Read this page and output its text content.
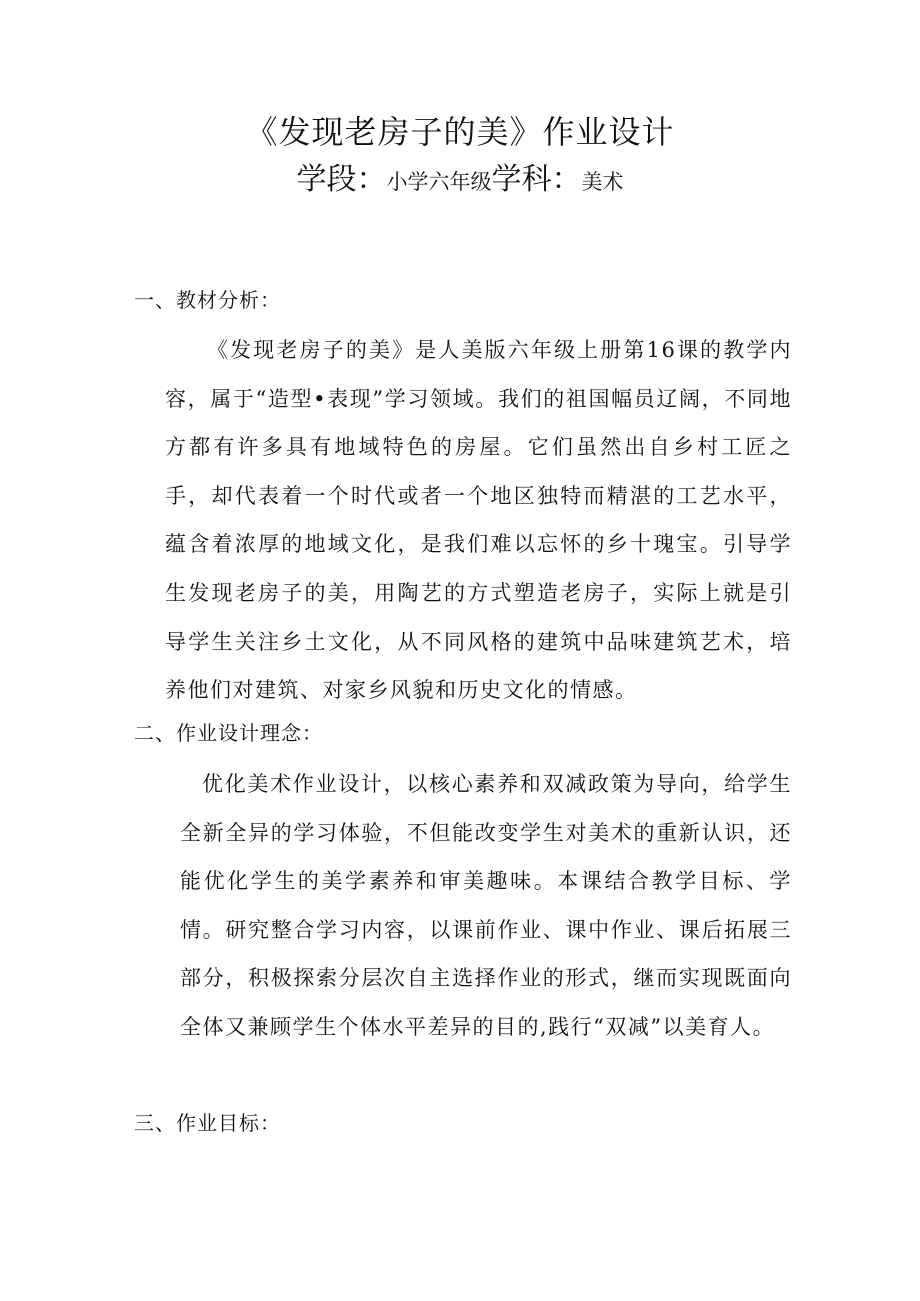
《发现老房子的美》作业设计
学段：小学六年级学科：美术
一、教材分析：
《发现老房子的美》是人美版六年级上册第16课的教学内容，属于“造型•表现”学习领域。我们的祖国幅员辽阔，不同地方都有许多具有地域特色的房屋。它们虽然出自乡村工匠之手，却代表着一个时代或者一个地区独特而精湛的工艺水平，蕴含着浓厚的地域文化，是我们难以忘怀的乡十瑰宝。引导学生发现老房子的美，用陶艺的方式塑造老房子，实际上就是引导学生关注乡土文化，从不同风格的建筑中品味建筑艺术，培养他们对建筑、对家乡风貌和历史文化的情感。
二、作业设计理念：
优化美术作业设计，以核心素养和双减政策为导向，给学生全新全异的学习体验，不但能改变学生对美术的重新认识，还能优化学生的美学素养和审美趣味。本课结合教学目标、学情。研究整合学习内容，以课前作业、课中作业、课后拓展三部分，积极探索分层次自主选择作业的形式，继而实现既面向全体又兼顾学生个体水平差异的目的,践行“双减”以美育人。
三、作业目标：
